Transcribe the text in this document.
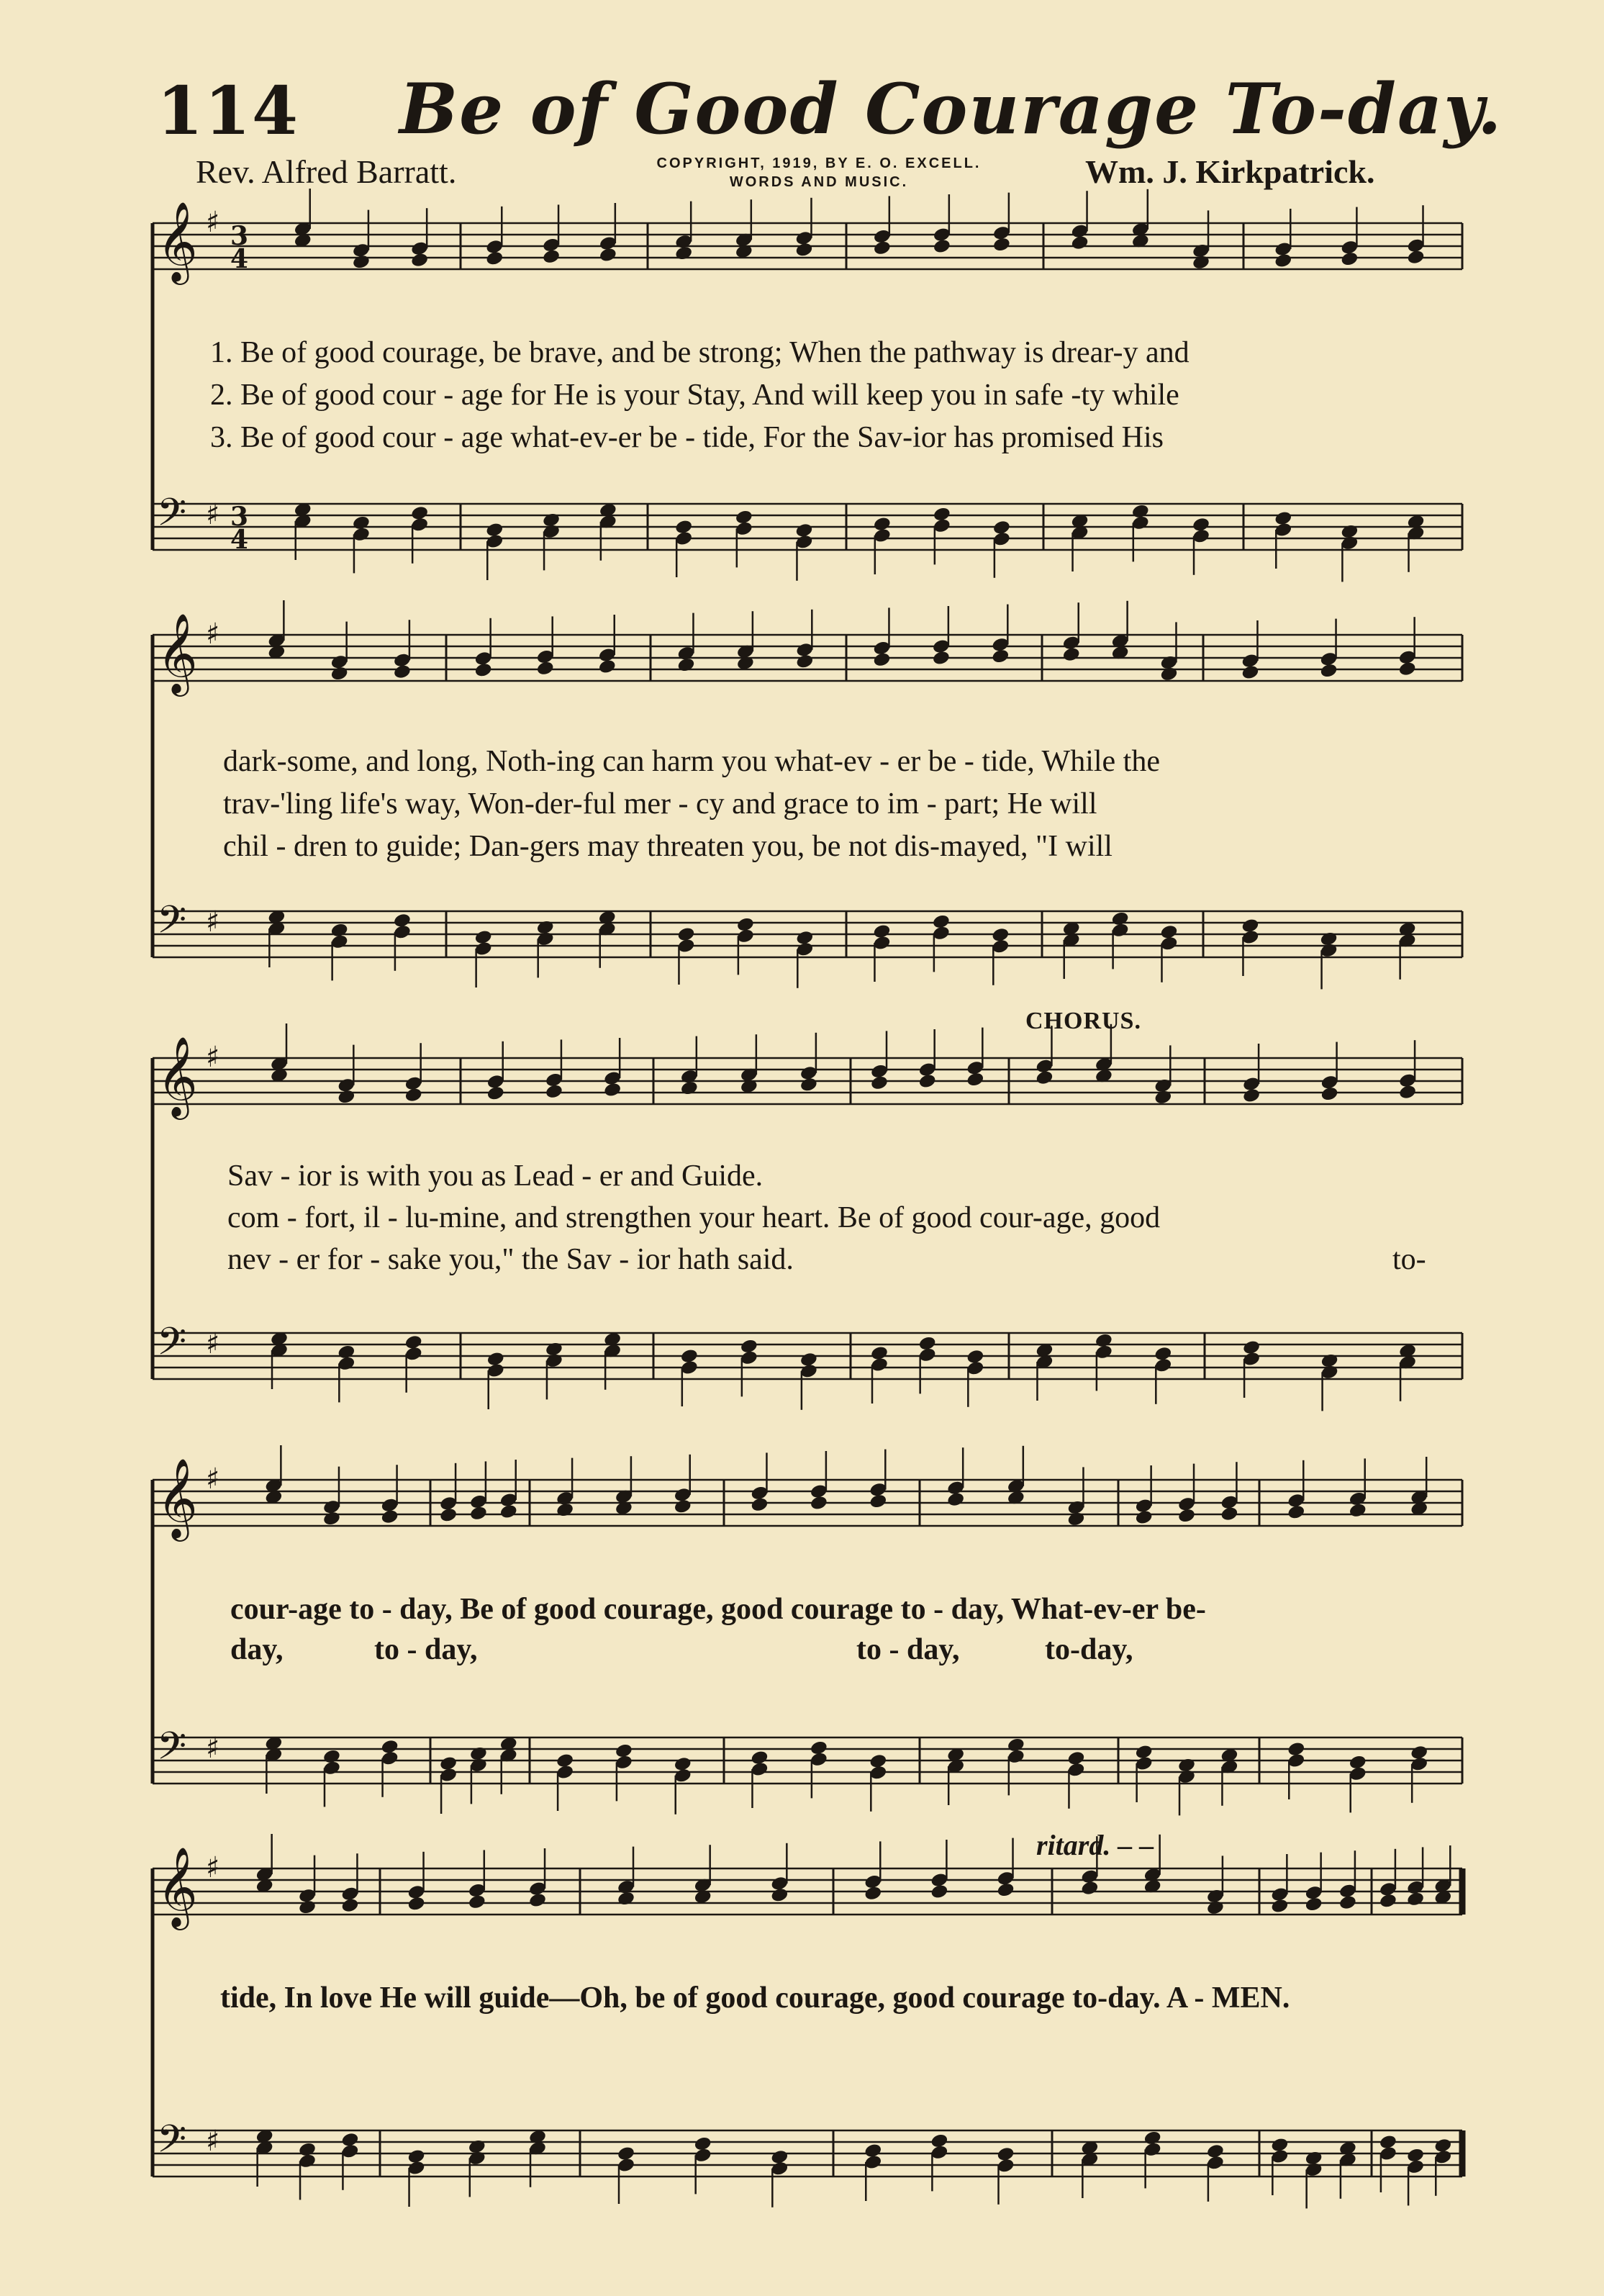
114 Be of Good Courage To-day.
Rev. Alfred Barratt.	COPYRIGHT, 1919, BY E. O. EXCELL.
WORDS AND MUSIC.	Wm. J. Kirkpatrick.
𝄞 ♯
𝄢 ♯
3
4
3
4
𝄞 ♯
𝄢 ♯
𝄞 ♯
𝄢 ♯
𝄞 ♯
𝄢 ♯
𝄞 ♯
𝄢 ♯
1. Be of good courage, be brave, and be strong; When the pathway is drear-y and
2. Be of good cour - age for He is your Stay, And will keep you in safe -ty while
3. Be of good cour - age what-ev-er be - tide, For the Sav-ior has promised His
dark-some, and long, Noth-ing can harm you what-ev - er be - tide, While the
trav-'ling life's way, Won-der-ful mer - cy and grace to im - part; He will
chil - dren to guide; Dan-gers may threaten you, be not dis-mayed, "I will
CHORUS.
Sav - ior is with you as Lead - er and Guide.
com - fort, il - lu-mine, and strengthen your heart. Be of good cour-age, good
nev - er for - sake you," the Sav - ior hath said.	to-
cour-age to - day, Be of good courage, good courage to - day, What-ev-er be-
day,	to - day,	to - day,	to-day,
ritard. – –
tide, In love He will guide—Oh, be of good courage, good courage to-day. A - MEN.
